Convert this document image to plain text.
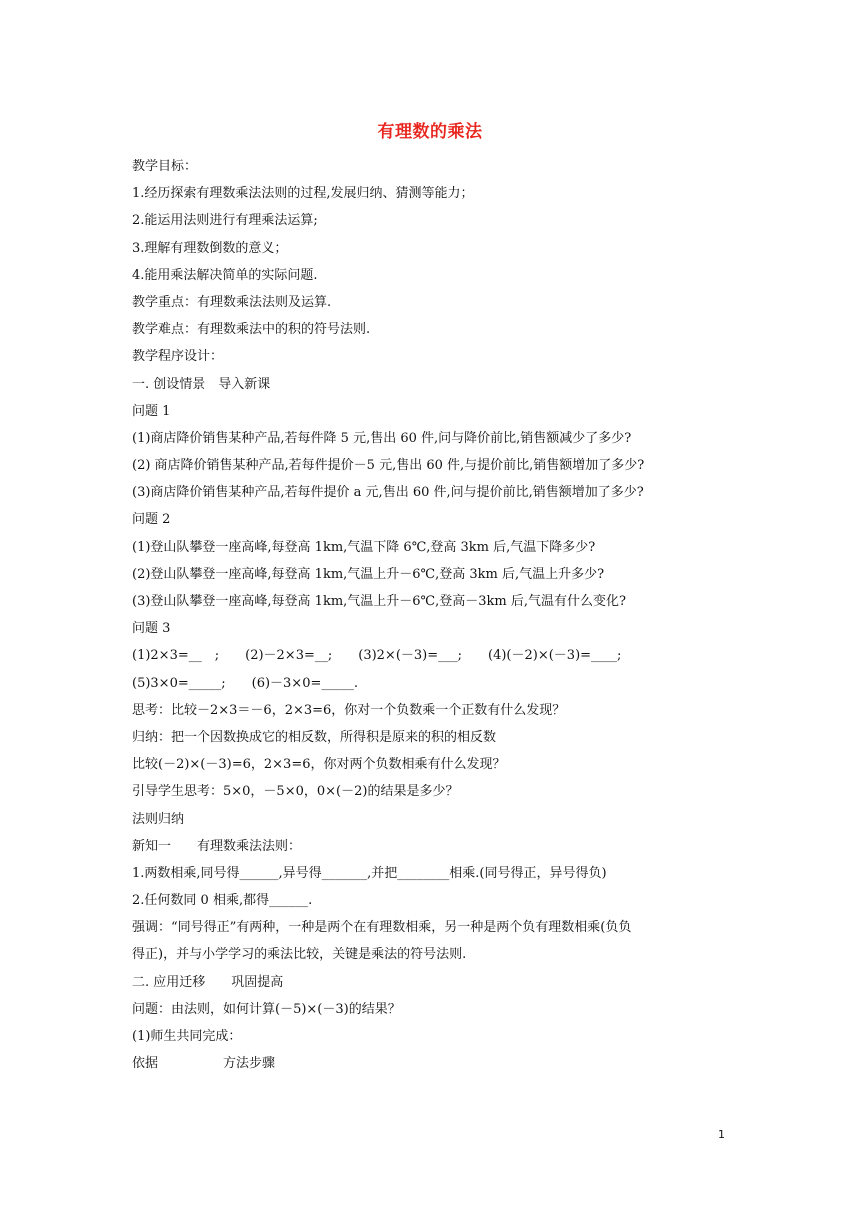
有理数的乘法
教学目标：
1.经历探索有理数乘法法则的过程,发展归纳、猜测等能力；
2.能运用法则进行有理乘法运算;
3.理解有理数倒数的意义；
4.能用乘法解决简单的实际问题.
教学重点：有理数乘法法则及运算.
教学难点：有理数乘法中的积的符号法则.
教学程序设计：
一. 创设情景　导入新课
问题 1
(1)商店降价销售某种产品,若每件降 5 元,售出 60 件,问与降价前比,销售额减少了多少?
(2) 商店降价销售某种产品,若每件提价－5 元,售出 60 件,与提价前比,销售额增加了多少?
(3)商店降价销售某种产品,若每件提价 a 元,售出 60 件,问与提价前比,销售额增加了多少?
问题 2
(1)登山队攀登一座高峰,每登高 1km,气温下降 6℃,登高 3km 后,气温下降多少?
(2)登山队攀登一座高峰,每登高 1km,气温上升－6℃,登高 3km 后,气温上升多少?
(3)登山队攀登一座高峰,每登高 1km,气温上升－6℃,登高－3km 后,气温有什么变化?
问题 3
(1)2×3=__　;　　(2)－2×3=__;　　(3)2×(－3)=___;　　(4)(－2)×(－3)=____;
(5)3×0=_____;　　(6)－3×0=_____.
思考：比较－2×3＝－6，2×3=6，你对一个负数乘一个正数有什么发现？
归纳：把一个因数换成它的相反数，所得积是原来的积的相反数
比较(－2)×(－3)=6，2×3=6，你对两个负数相乘有什么发现？
引导学生思考：5×0，－5×0，0×(－2)的结果是多少？
法则归纳
新知一　　有理数乘法法则：
1.两数相乘,同号得______,异号得_______,并把________相乘.(同号得正，异号得负)
2.任何数同 0 相乘,都得______.
强调：“同号得正”有两种，一种是两个在有理数相乘，另一种是两个负有理数相乘(负负
得正)，并与小学学习的乘法比较，关键是乘法的符号法则.
二. 应用迁移　　巩固提高
问题：由法则，如何计算(－5)×(－3)的结果？
(1)师生共同完成：
依据　　　　　方法步骤
1
